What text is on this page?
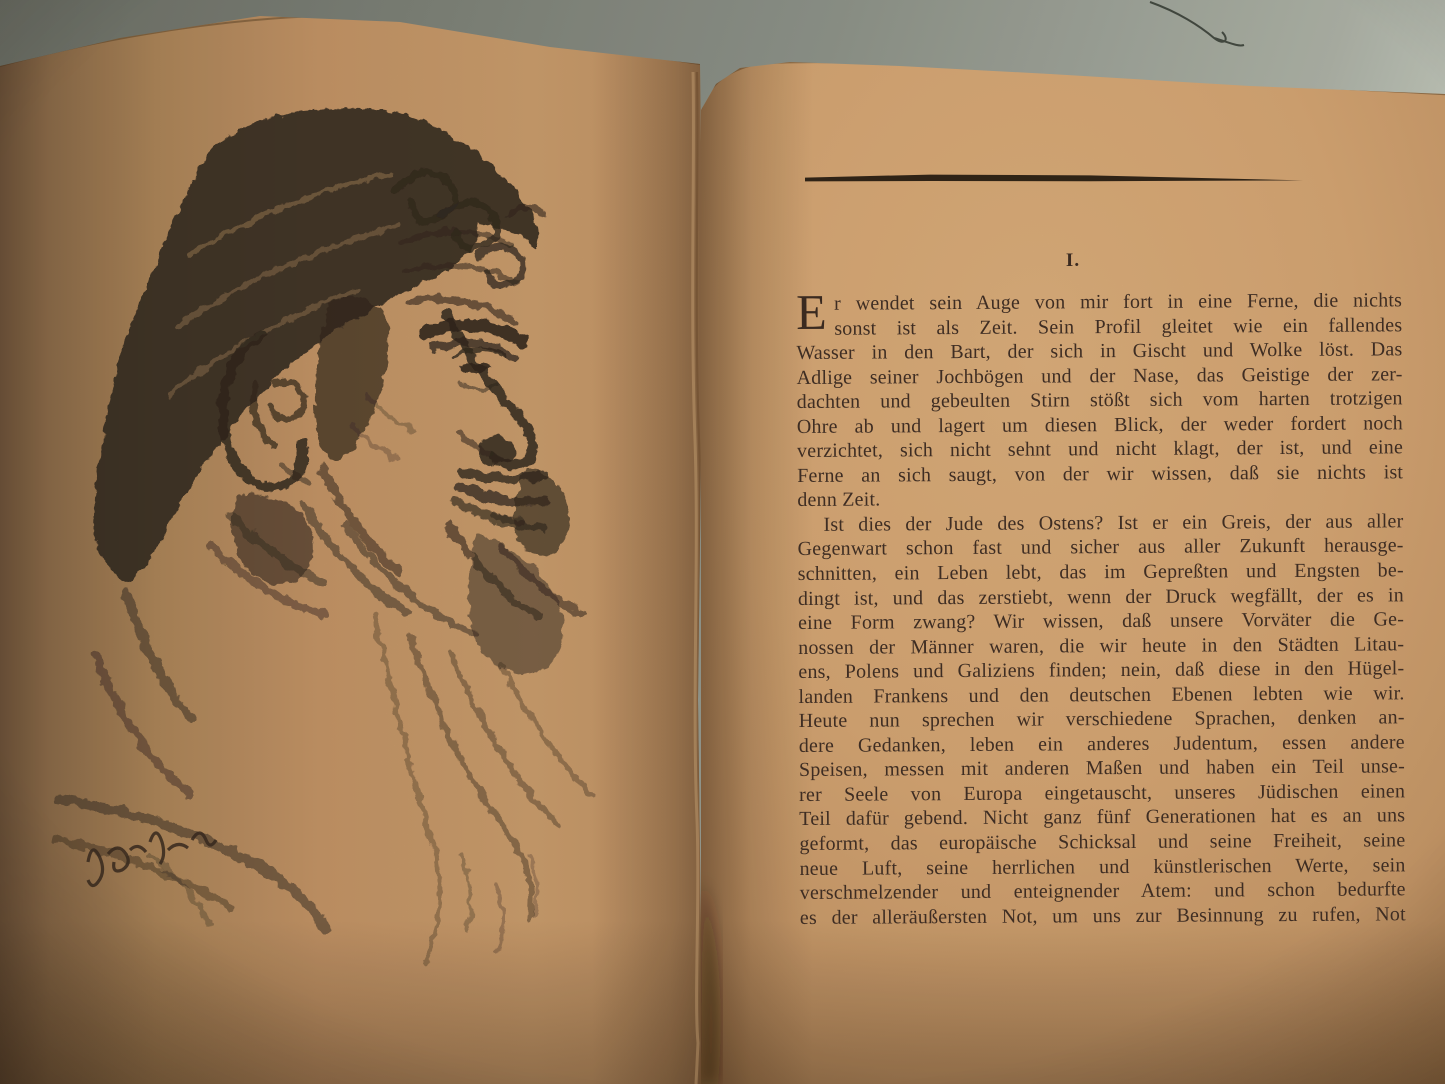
I.
E r wendet sein Auge von mir fort in eine Ferne, die nichts
sonst ist als Zeit. Sein Profil gleitet wie ein fallendes
Wasser in den Bart, der sich in Gischt und Wolke löst. Das
Adlige seiner Jochbögen und der Nase, das Geistige der zer-
dachten und gebeulten Stirn stößt sich vom harten trotzigen
Ohre ab und lagert um diesen Blick, der weder fordert noch
verzichtet, sich nicht sehnt und nicht klagt, der ist, und eine
Ferne an sich saugt, von der wir wissen, daß sie nichts ist
denn Zeit.
Ist dies der Jude des Ostens? Ist er ein Greis, der aus aller
Gegenwart schon fast und sicher aus aller Zukunft herausge-
schnitten, ein Leben lebt, das im Gepreßten und Engsten be-
dingt ist, und das zerstiebt, wenn der Druck wegfällt, der es in
eine Form zwang? Wir wissen, daß unsere Vorväter die Ge-
nossen der Männer waren, die wir heute in den Städten Litau-
ens, Polens und Galiziens finden; nein, daß diese in den Hügel-
landen Frankens und den deutschen Ebenen lebten wie wir.
Heute nun sprechen wir verschiedene Sprachen, denken an-
dere Gedanken, leben ein anderes Judentum, essen andere
Speisen, messen mit anderen Maßen und haben ein Teil unse-
rer Seele von Europa eingetauscht, unseres Jüdischen einen
Teil dafür gebend. Nicht ganz fünf Generationen hat es an uns
geformt, das europäische Schicksal und seine Freiheit, seine
neue Luft, seine herrlichen und künstlerischen Werte, sein
verschmelzender und enteignender Atem: und schon bedurfte
es der alleräußersten Not, um uns zur Besinnung zu rufen, Not
